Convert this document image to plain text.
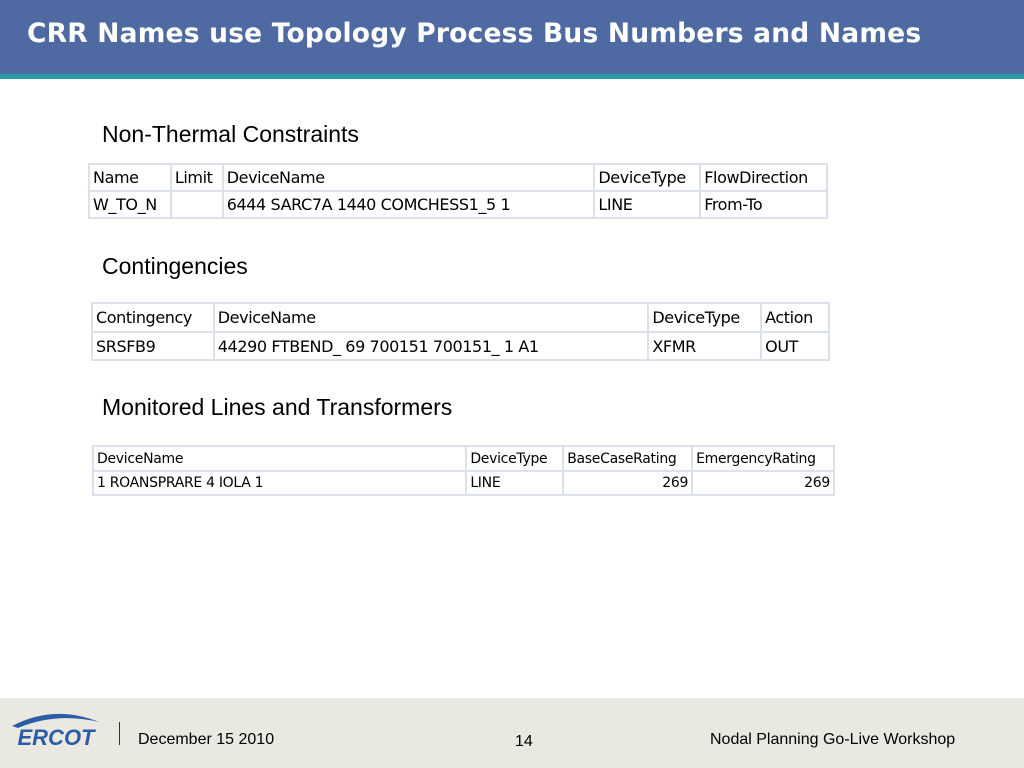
CRR Names use Topology Process Bus Numbers and Names
Non-Thermal Constraints
Name	Limit	DeviceName	DeviceType	FlowDirection
W_TO_N		6444 SARC7A 1440 COMCHESS1_5 1	LINE	From-To
Contingencies
Contingency	DeviceName	DeviceType	Action
SRSFB9	44290 FTBEND_ 69 700151 700151_ 1 A1	XFMR	OUT
Monitored Lines and Transformers
DeviceName	DeviceType	BaseCaseRating	EmergencyRating
1 ROANSPRARE 4 IOLA 1	LINE	269	269
ERCOT	December 15 2010	14	Nodal Planning Go-Live Workshop
